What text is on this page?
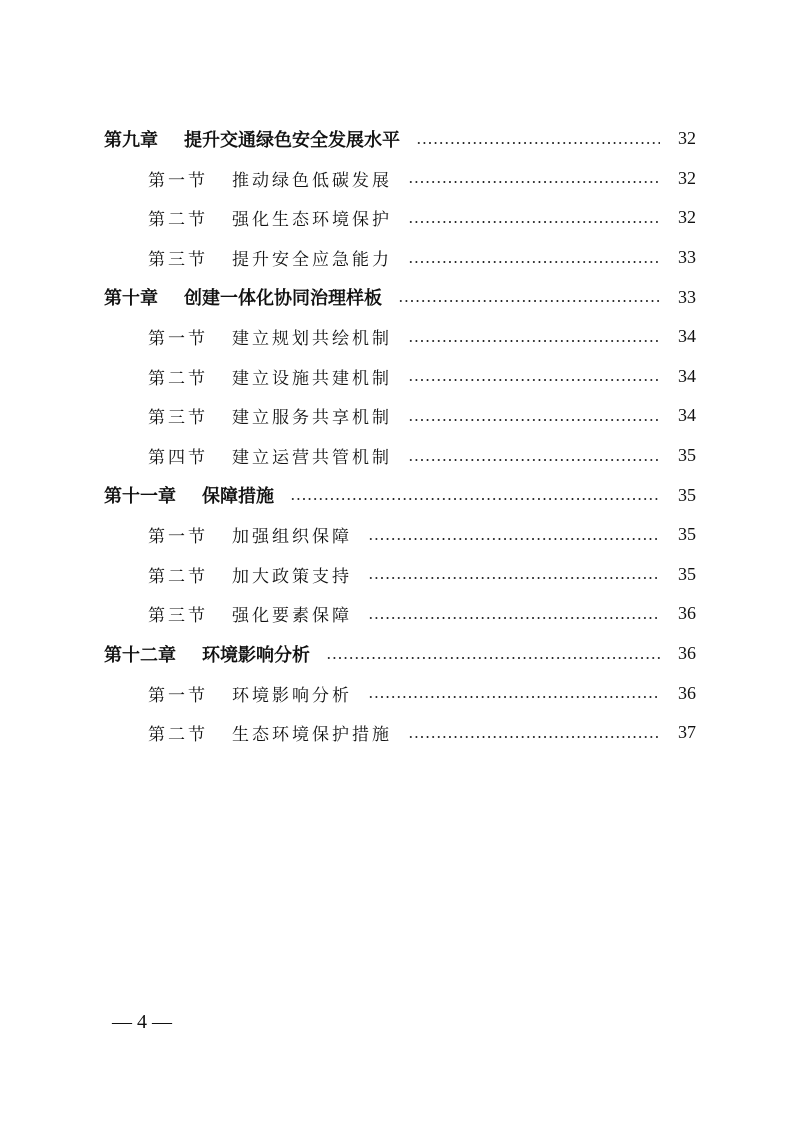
第九章 提升交通绿色安全发展水平	32
第一节 推动绿色低碳发展	32
第二节 强化生态环境保护	32
第三节 提升安全应急能力	33
第十章 创建一体化协同治理样板	33
第一节 建立规划共绘机制	34
第二节 建立设施共建机制	34
第三节 建立服务共享机制	34
第四节 建立运营共管机制	35
第十一章 保障措施	35
第一节 加强组织保障	35
第二节 加大政策支持	35
第三节 强化要素保障	36
第十二章 环境影响分析	36
第一节 环境影响分析	36
第二节 生态环境保护措施	37
— 4 —
